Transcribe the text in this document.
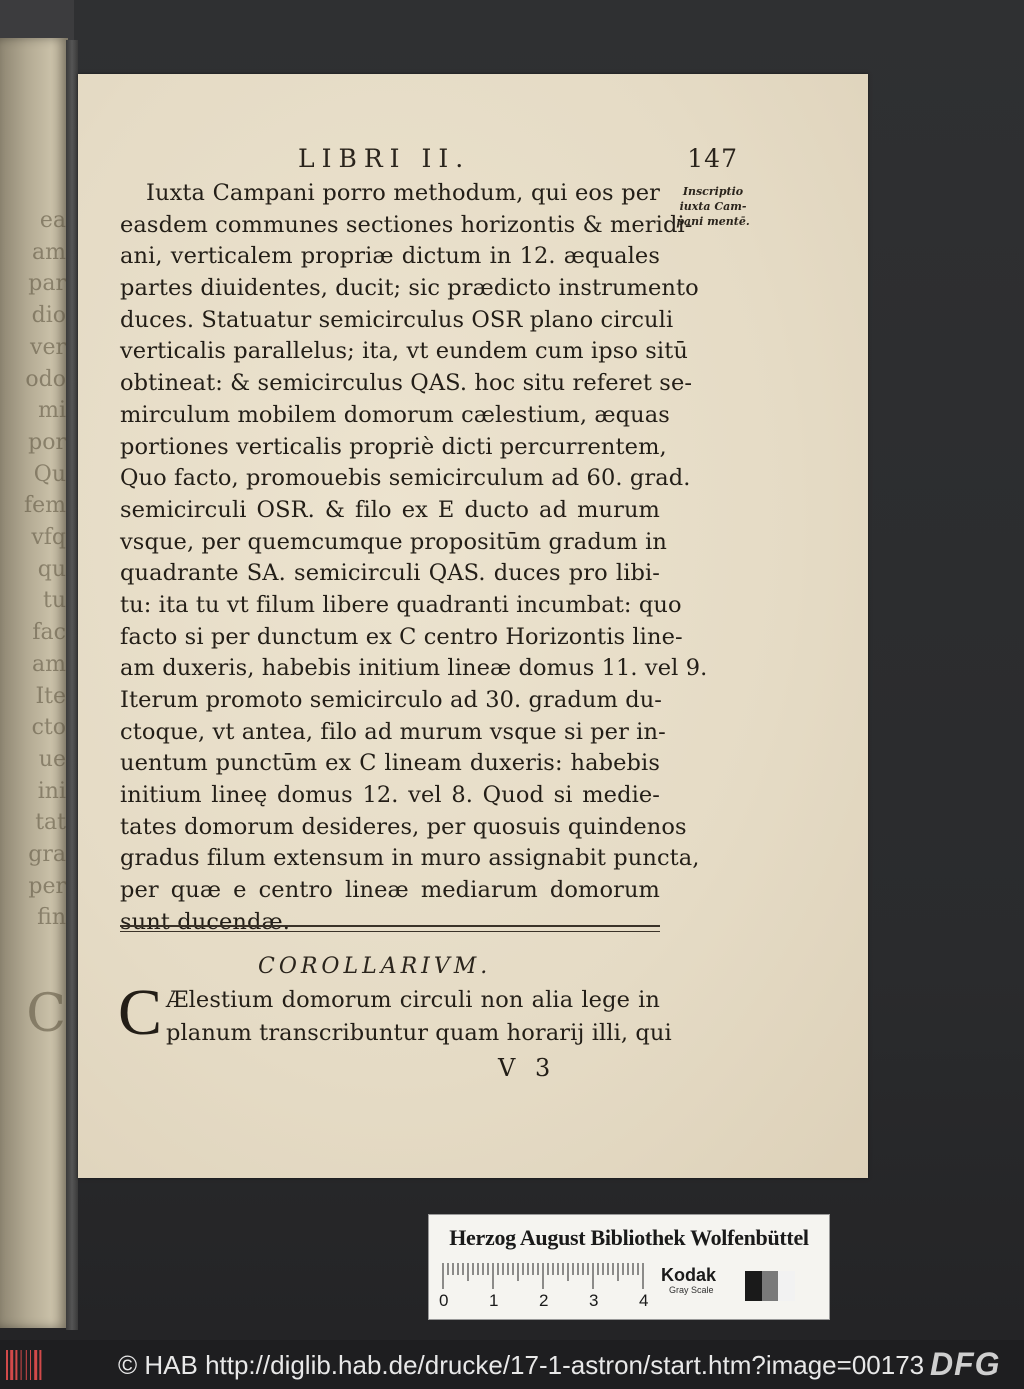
ea
am
par
dio
ver
odo
mi
por
Qu
fem
vfq
qu
tu
fac
am
Ite
cto
ue
ini
tat
gra
per
fin
C
LIBRI II.	147
Inscriptio
iuxta Cam-
pani mentē.
Iuxta Campani porro methodum, qui eos per
easdem communes sectiones horizontis & meridi-
ani, verticalem propriæ dictum in 12. æquales
partes diuidentes, ducit; sic prædicto instrumento
duces. Statuatur semicirculus OSR plano circuli
verticalis parallelus; ita, vt eundem cum ipso sitū
obtineat: & semicirculus QAS. hoc situ referet se-
mirculum mobilem domorum cælestium, æquas
portiones verticalis propriè dicti percurrentem,
Quo facto, promouebis semicirculum ad 60. grad.
semicirculi OSR. & filo ex E ducto ad murum
vsque, per quemcumque propositūm gradum in
quadrante SA. semicirculi QAS. duces pro libi-
tu: ita tu vt filum libere quadranti incumbat: quo
facto si per dunctum ex C centro Horizontis line-
am duxeris, habebis initium lineæ domus 11. vel 9.
Iterum promoto semicirculo ad 30. gradum du-
ctoque, vt antea, filo ad murum vsque si per in-
uentum punctūm ex C lineam duxeris: habebis
initium lineę domus 12. vel 8. Quod si medie-
tates domorum desideres, per quosuis quindenos
gradus filum extensum in muro assignabit puncta,
per quæ e centro lineæ mediarum domorum
sunt ducendæ.
COROLLARIVM.
C Ælestium domorum circuli non alia lege in
planum transcribuntur quam horarij illi, qui
V 3
Herzog August Bibliothek Wolfenbüttel
0 1 2 3 4
Kodak
Gray Scale
© HAB http://diglib.hab.de/drucke/17-1-astron/start.htm?image=00173 DFG
